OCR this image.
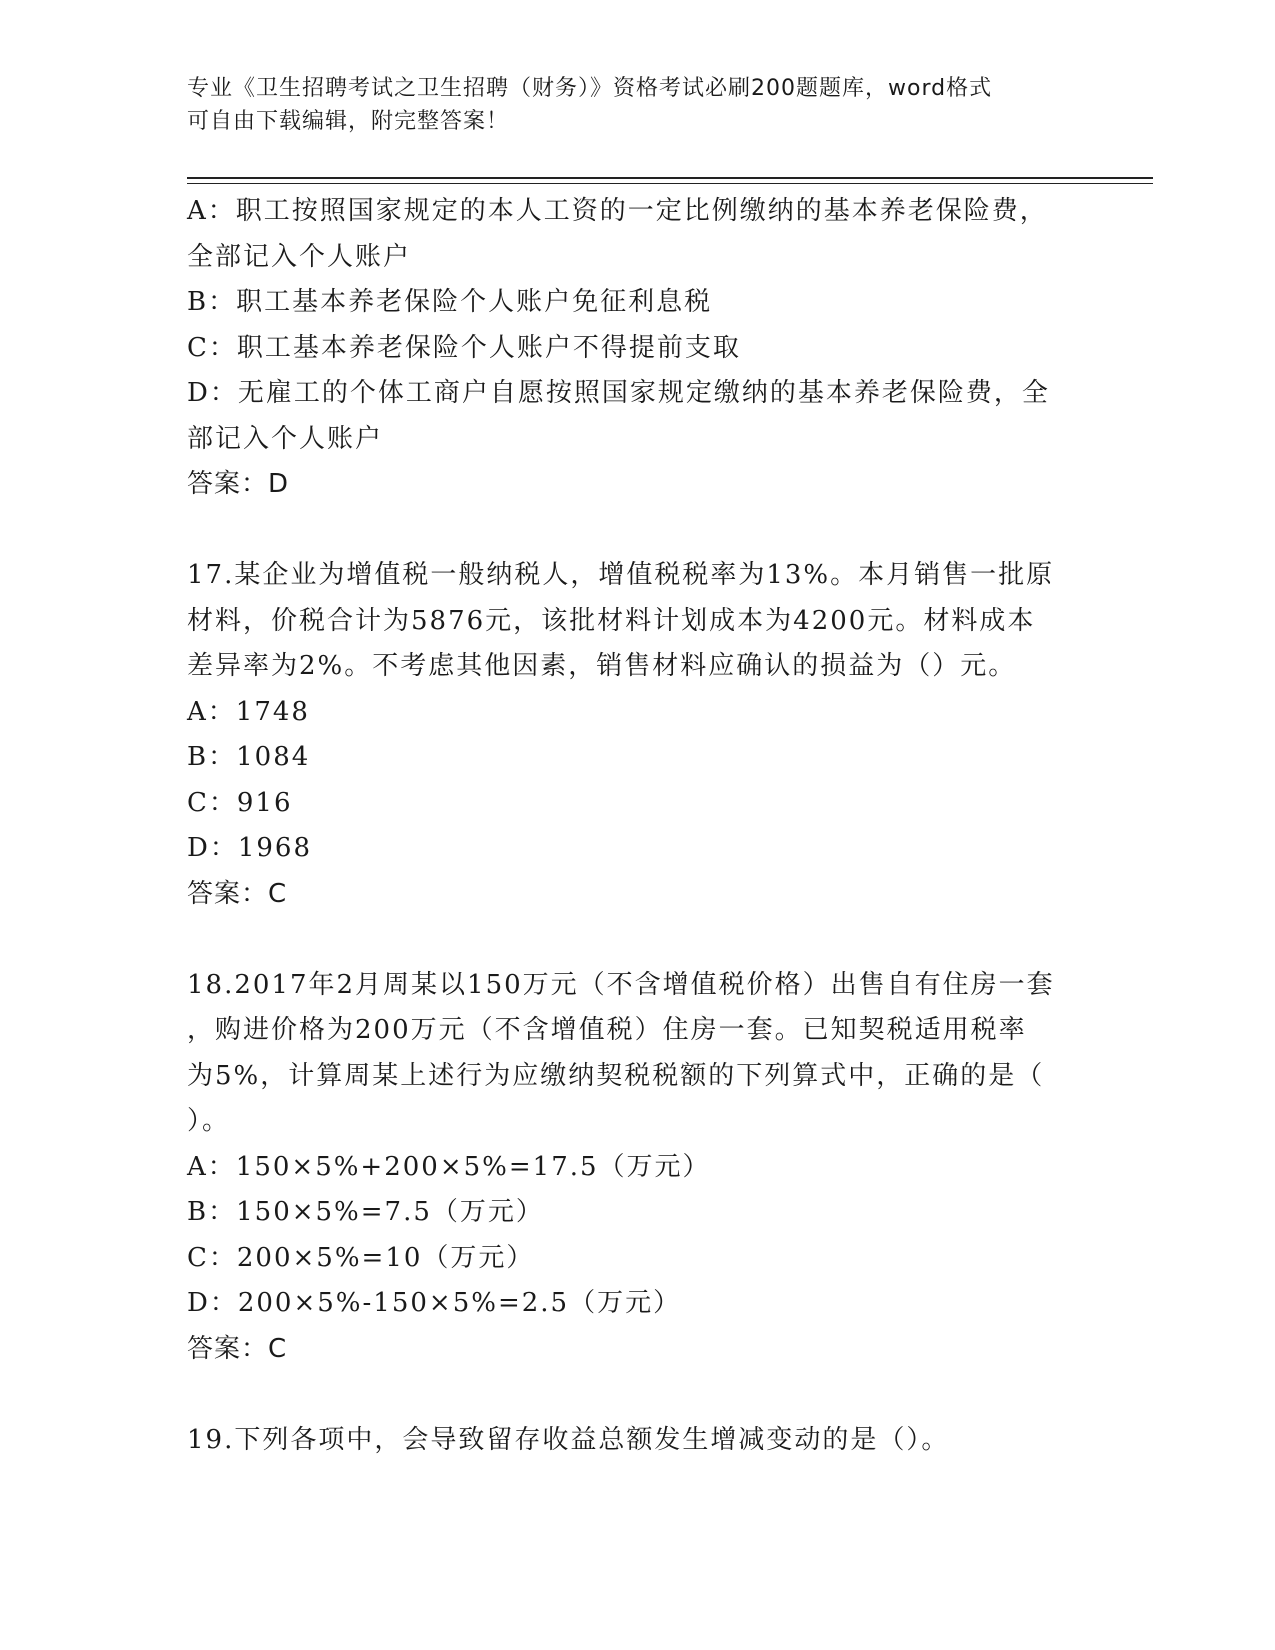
专业《卫生招聘考试之卫生招聘（财务）》资格考试必刷200题题库，word格式
可自由下载编辑，附完整答案！
A：职工按照国家规定的本人工资的一定比例缴纳的基本养老保险费，
全部记入个人账户
B：职工基本养老保险个人账户免征利息税
C：职工基本养老保险个人账户不得提前支取
D：无雇工的个体工商户自愿按照国家规定缴纳的基本养老保险费，全
部记入个人账户
答案：D
17.某企业为增值税一般纳税人，增值税税率为13%。本月销售一批原
材料，价税合计为5876元，该批材料计划成本为4200元。材料成本
差异率为2%。不考虑其他因素，销售材料应确认的损益为（）元。
A：1748
B：1084
C：916
D：1968
答案：C
18.2017年2月周某以150万元（不含增值税价格）出售自有住房一套
，购进价格为200万元（不含增值税）住房一套。已知契税适用税率
为5%，计算周某上述行为应缴纳契税税额的下列算式中，正确的是（
）。
A：150×5%+200×5%=17.5（万元）
B：150×5%=7.5（万元）
C：200×5%=10（万元）
D：200×5%-150×5%=2.5（万元）
答案：C
19.下列各项中，会导致留存收益总额发生增减变动的是（）。
